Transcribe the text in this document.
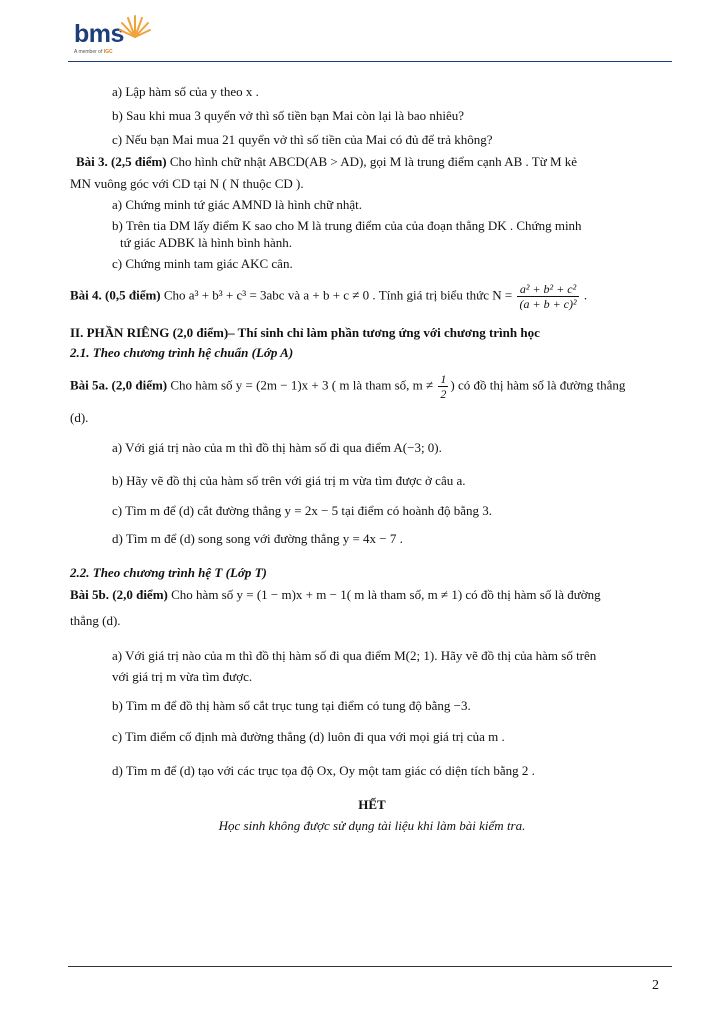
bms
A member of IGC
a) Lập hàm số của y theo x .
b) Sau khi mua 3 quyển vở thì số tiền bạn Mai còn lại là bao nhiêu?
c) Nếu bạn Mai mua 21 quyển vở thì số tiền của Mai có đủ để trả không?
Bài 3. (2,5 điểm) Cho hình chữ nhật ABCD(AB > AD), gọi M là trung điểm cạnh AB . Từ M kẻ
MN vuông góc với CD tại N ( N thuộc CD ).
a) Chứng minh tứ giác AMND là hình chữ nhật.
b) Trên tia DM lấy điểm K sao cho M là trung điểm của của đoạn thẳng DK . Chứng minh
tứ giác ADBK là hình bình hành.
c) Chứng minh tam giác AKC cân.
Bài 4. (0,5 điểm) Cho a³ + b³ + c³ = 3abc và a + b + c ≠ 0 . Tính giá trị biểu thức $N = \frac{\text{a² + b² + c²}}{\text{(a + b + c)²}}$ .
II. PHẦN RIÊNG (2,0 điểm)– Thí sinh chỉ làm phần tương ứng với chương trình học
2.1. Theo chương trình hệ chuẩn (Lớp A)
Bài 5a. (2,0 điểm) Cho hàm số y = (2m − 1)x + 3 ( m là tham số, $m \ne \frac{1}{2}$ ) có đồ thị hàm số là đường thẳng
(d).
a) Với giá trị nào của m thì đồ thị hàm số đi qua điểm A(−3; 0).
b) Hãy vẽ đồ thị của hàm số trên với giá trị m vừa tìm được ở câu a.
c) Tìm m để (d) cắt đường thẳng y = 2x − 5 tại điểm có hoành độ bằng 3.
d) Tìm m để (d) song song với đường thẳng y = 4x − 7 .
2.2. Theo chương trình hệ T (Lớp T)
Bài 5b. (2,0 điểm) Cho hàm số y = (1 − m)x + m − 1( m là tham số, m ≠ 1) có đồ thị hàm số là đường
thẳng (d).
a) Với giá trị nào của m thì đồ thị hàm số đi qua điểm M(2; 1). Hãy vẽ đồ thị của hàm số trên
với giá trị m vừa tìm được.
b) Tìm m để đồ thị hàm số cắt trục tung tại điểm có tung độ bằng −3.
c) Tìm điểm cố định mà đường thẳng (d) luôn đi qua với mọi giá trị của m .
d) Tìm m để (d) tạo với các trục tọa độ Ox, Oy một tam giác có diện tích bằng 2 .
HẾT
Học sinh không được sử dụng tài liệu khi làm bài kiểm tra.
2
